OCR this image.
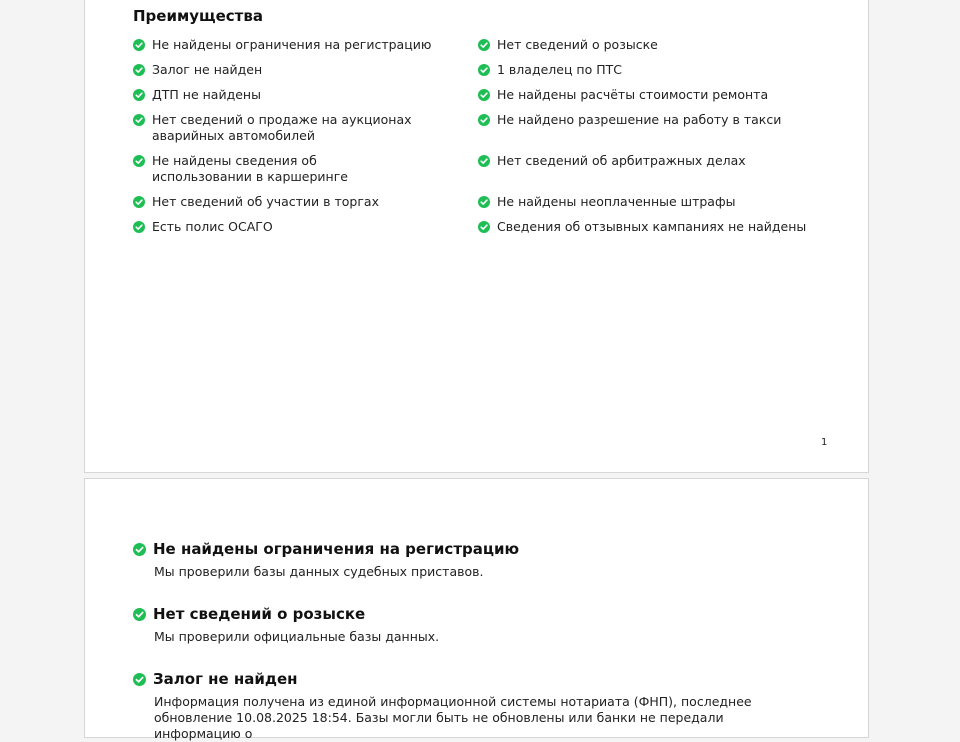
Преимущества
Не найдены ограничения на регистрацию
Залог не найден
ДТП не найдены
Нет сведений о продаже на аукционах аварийных автомобилей
Не найдены сведения об использовании в каршеринге
Нет сведений об участии в торгах
Есть полис ОСАГО
Нет сведений о розыске
1 владелец по ПТС
Не найдены расчёты стоимости ремонта
Не найдено разрешение на работу в такси
Нет сведений об арбитражных делах
Не найдены неоплаченные штрафы
Сведения об отзывных кампаниях не найдены
1
Не найдены ограничения на регистрацию

Мы проверили базы данных судебных приставов.

Нет сведений о розыске

Мы проверили официальные базы данных.

Залог не найден

Информация получена из единой информационной системы нотариата (ФНП), последнее обновление 10.08.2025 18:54. Базы могли быть не обновлены или банки не передали информацию о
